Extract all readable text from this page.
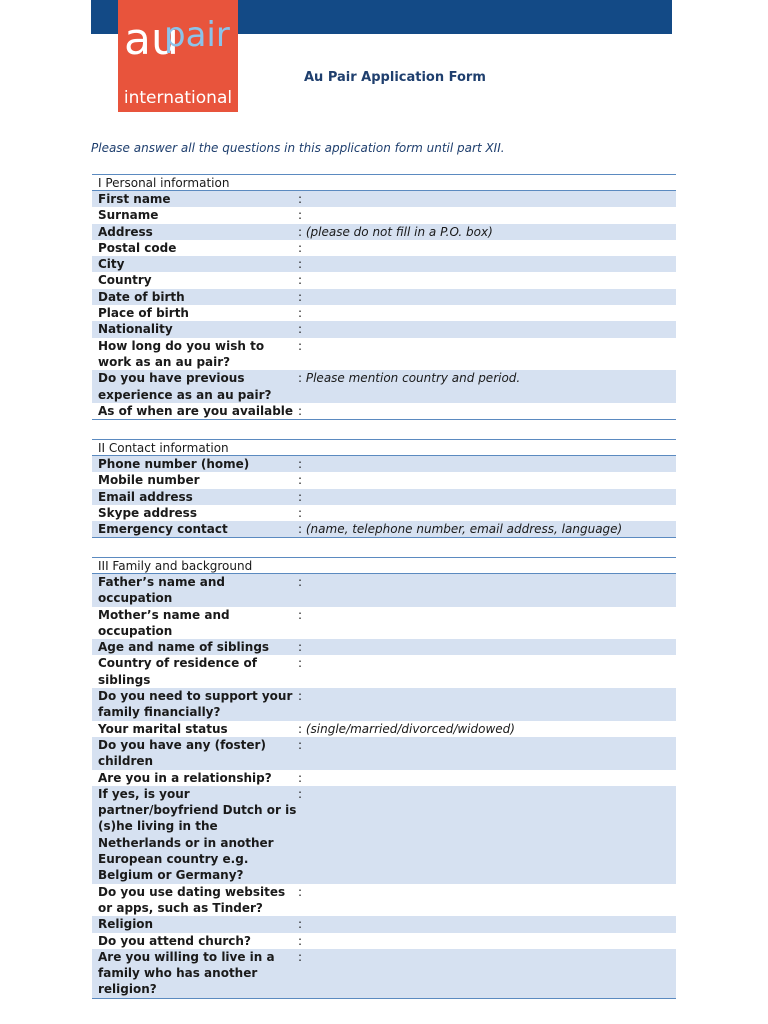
au
pair
international
Au Pair Application Form
Please answer all the questions in this application form until part XII.
I Personal information
First name	:
Surname	:
Address	: (please do not fill in a P.O. box)
Postal code	:
City	:
Country	:
Date of birth	:
Place of birth	:
Nationality	:
How long do you wish to work as an au pair?
:
Do you have previous experience as an au pair?
: Please mention country and period.
As of when are you available :
II Contact information
Phone number (home)	:
Mobile number	:
Email address	:
Skype address	:
Emergency contact	: (name, telephone number, email address, language)
III Family and background
Father’s name and occupation
:
Mother’s name and occupation
:
Age and name of siblings	:
Country of residence of siblings
:
Do you need to support your family financially?
:
Your marital status	: (single/married/divorced/widowed)
Do you have any (foster) children
:
Are you in a relationship?	:
If yes, is your partner/boyfriend Dutch or is (s)he living in the Netherlands or in another European country e.g. Belgium or Germany?
:
Do you use dating websites or apps, such as Tinder?
:
Religion	:
Do you attend church?	:
Are you willing to live in a family who has another religion?
:
